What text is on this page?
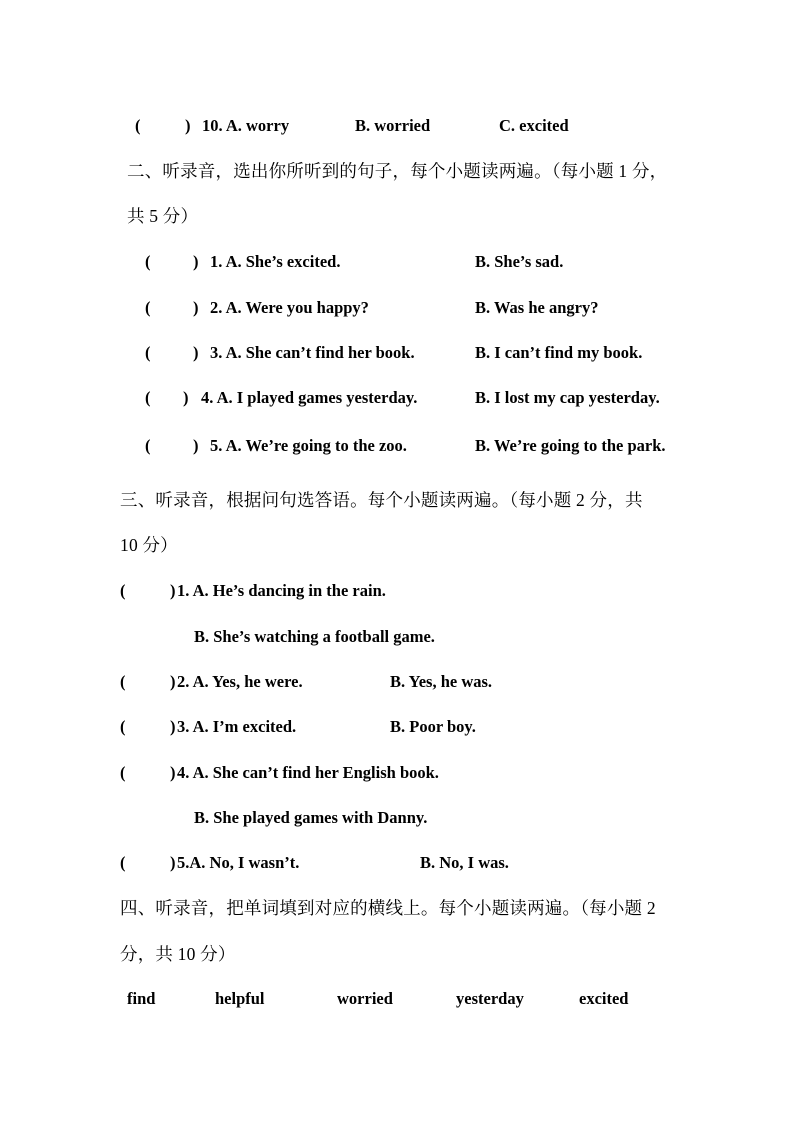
(	) 10. A. worry	B. worried	C. excited
二、听录音，选出你所听到的句子，每个小题读两遍。（每小题 1 分，
共 5 分）
(	) 1. A. She’s excited.	B. She’s sad.
(	) 2. A. Were you happy?	B. Was he angry?
(	) 3. A. She can’t find her book.	B. I can’t find my book.
( ) 4. A. I played games yesterday.	B. I lost my cap yesterday.
(	) 5. A. We’re going to the zoo.	B. We’re going to the park.
三、听录音，根据问句选答语。每个小题读两遍。（每小题 2 分，共
10 分）
(	) 1. A. He’s dancing in the rain.
B. She’s watching a football game.
(	) 2. A. Yes, he were.	B. Yes, he was.
(	) 3. A. I’m excited.	B. Poor boy.
(	) 4. A. She can’t find her English book.
B. She played games with Danny.
(	) 5.A. No, I wasn’t.	B. No, I was.
四、听录音，把单词填到对应的横线上。每个小题读两遍。（每小题 2
分，共 10 分）
find	helpful	worried	yesterday	excited
